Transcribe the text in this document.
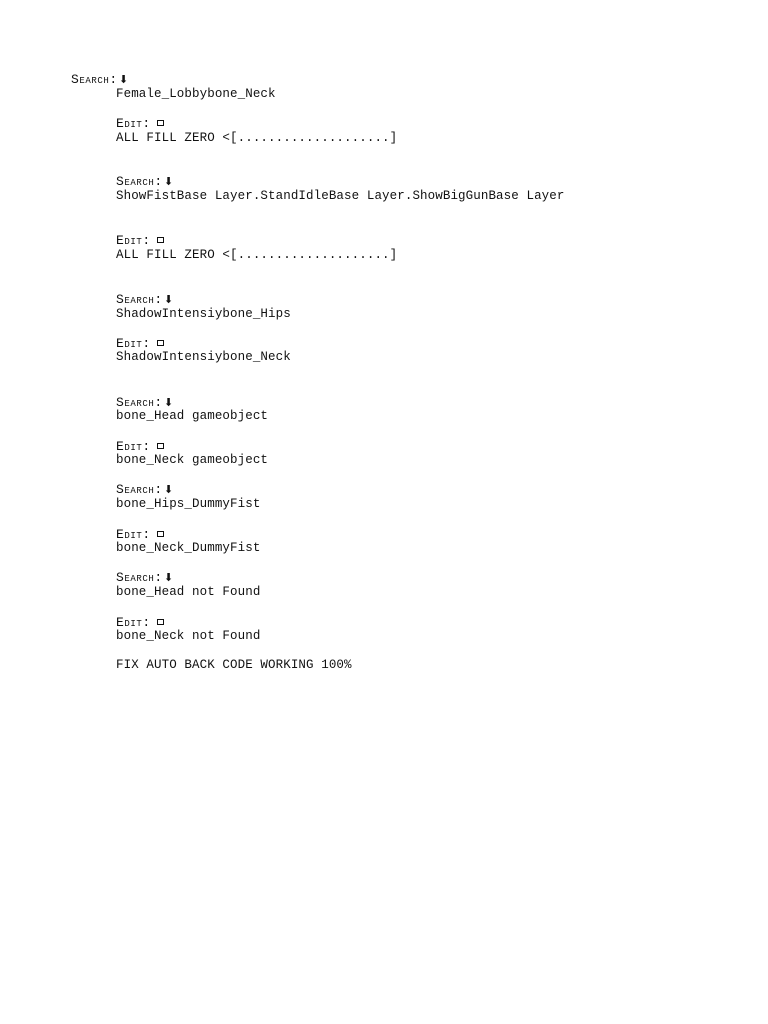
Search:⬇
Female_Lobbybone_Neck
Edit:
ALL FILL ZERO <[....................]
Search:⬇
ShowFistBase Layer.StandIdleBase Layer.ShowBigGunBase Layer
Edit:
ALL FILL ZERO <[....................]
Search:⬇
ShadowIntensiybone_Hips
Edit:
ShadowIntensiybone_Neck
Search:⬇
bone_Head gameobject
Edit:
bone_Neck gameobject
Search:⬇
bone_Hips_DummyFist
Edit:
bone_Neck_DummyFist
Search:⬇
bone_Head not Found
Edit:
bone_Neck not Found
FIX AUTO BACK CODE WORKING 100%
